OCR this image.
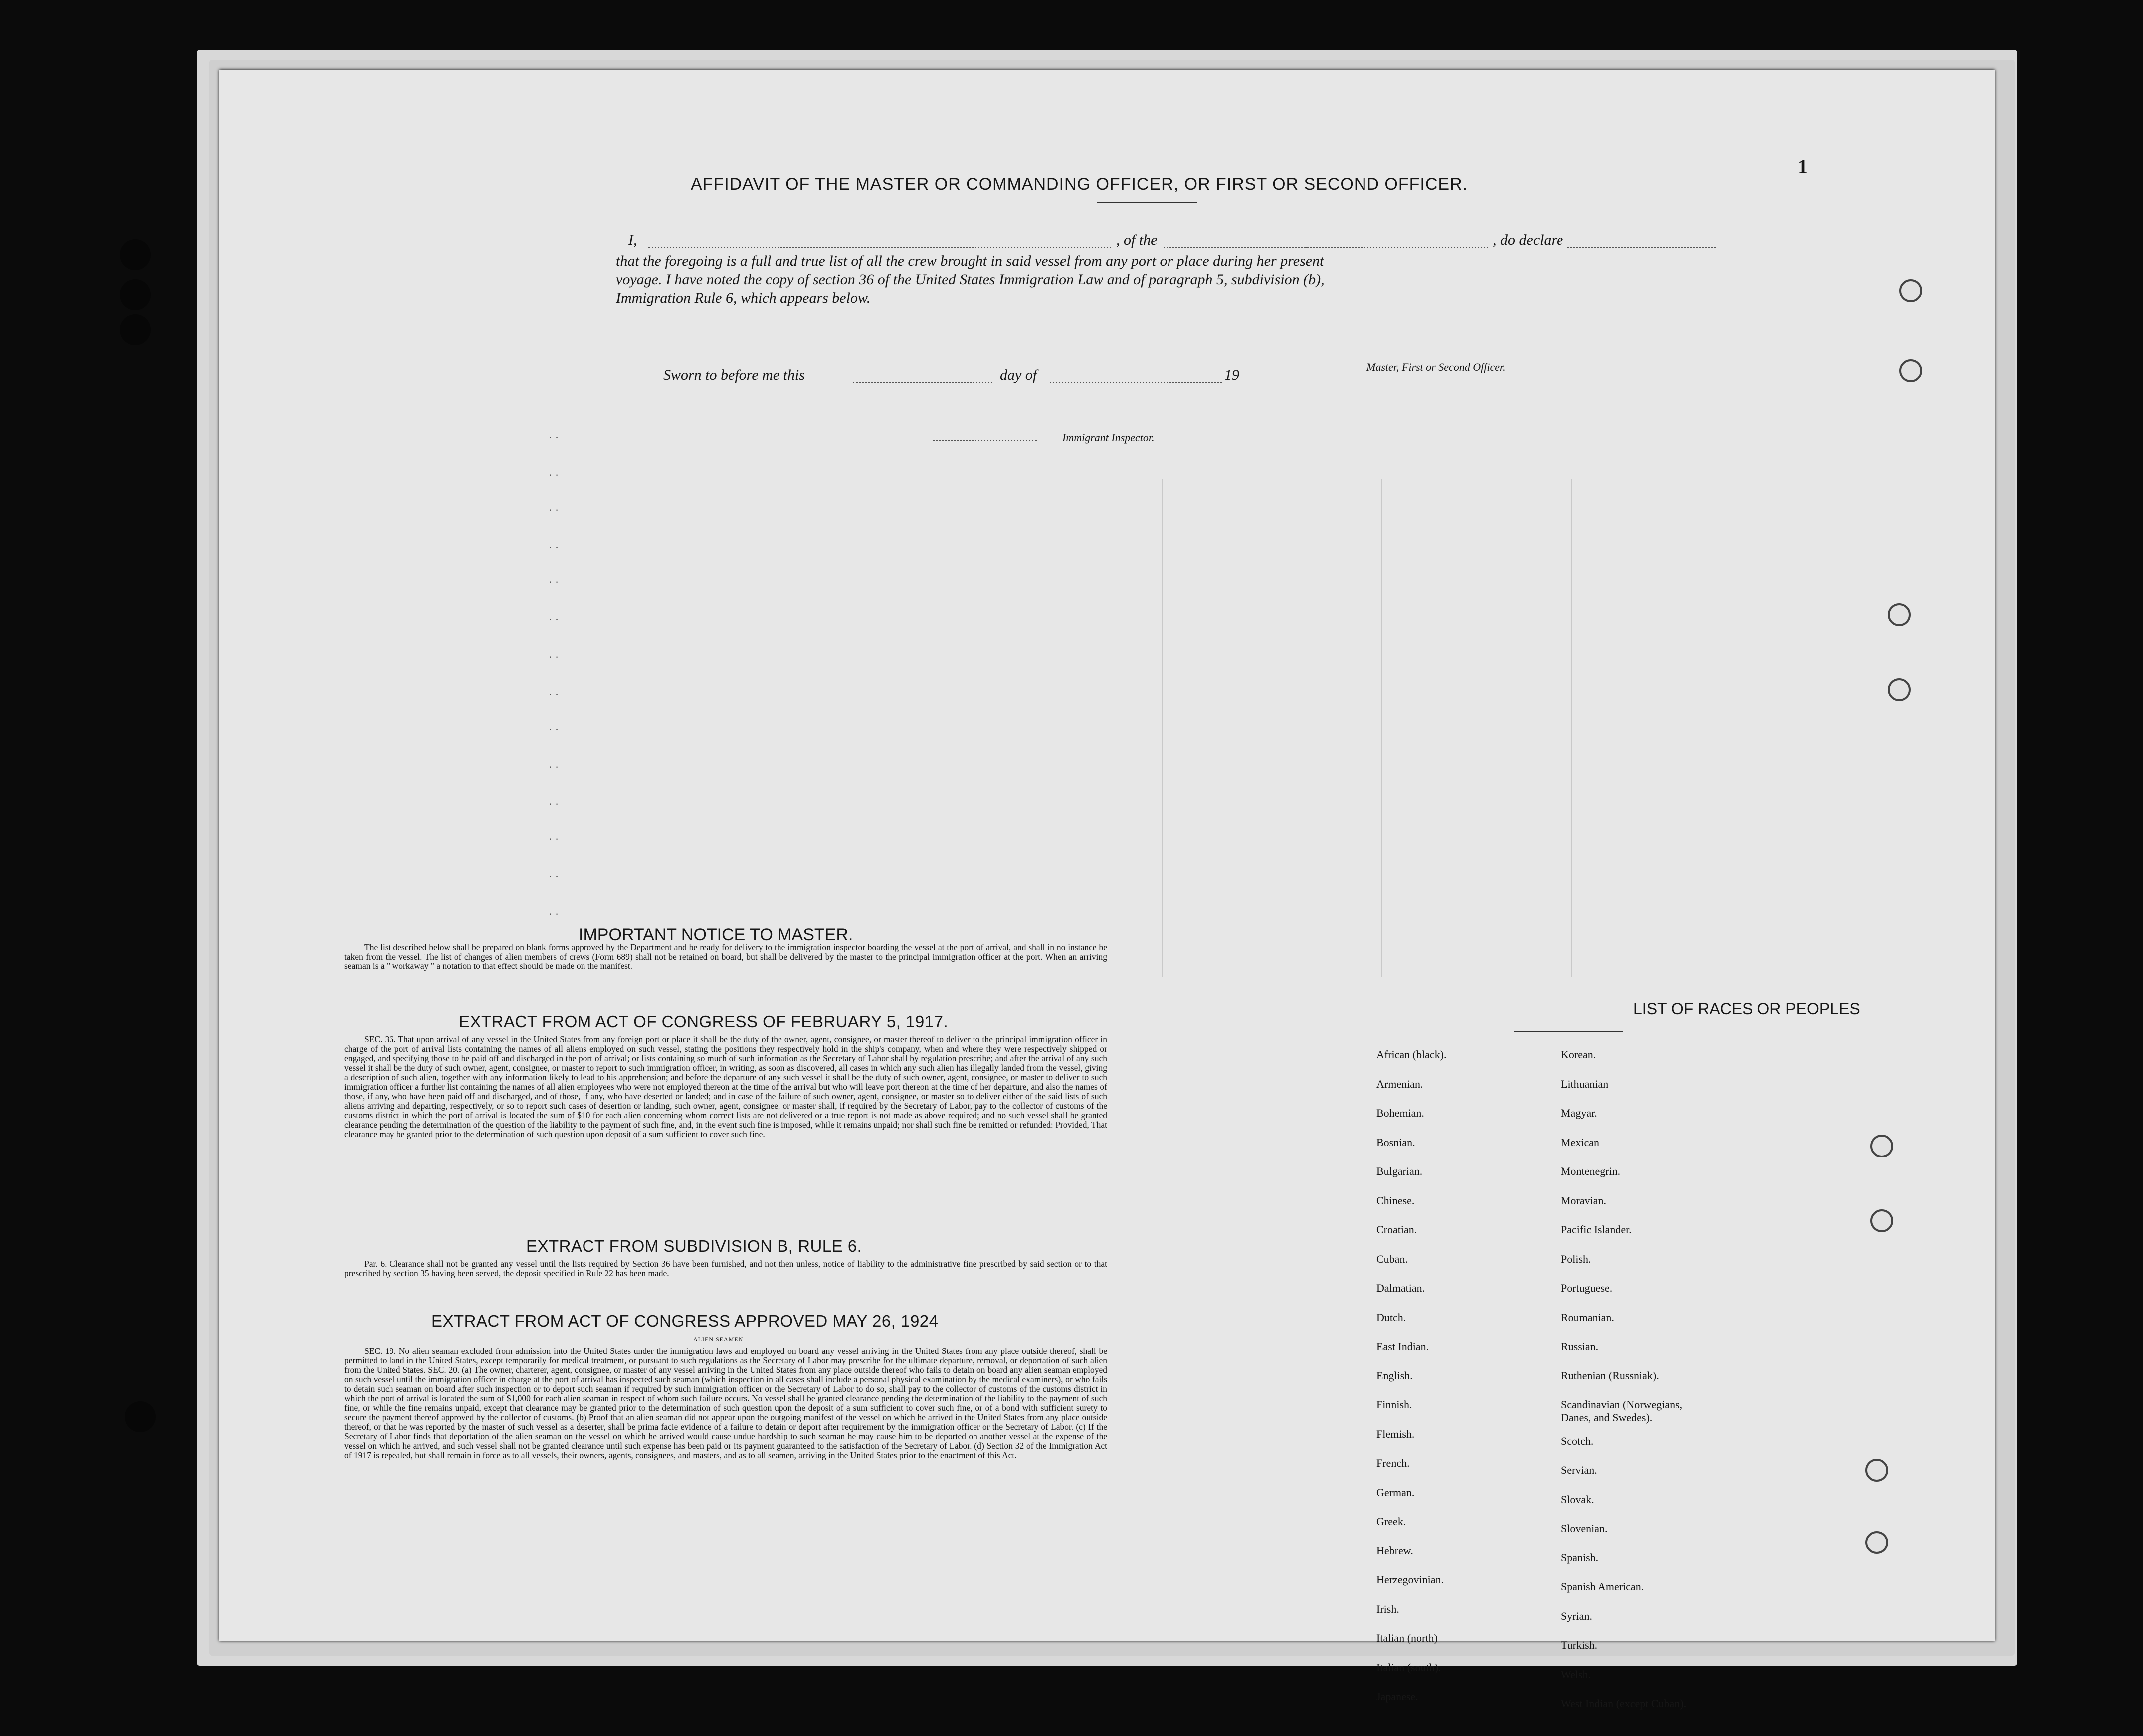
· ·
· ·
· ·
· ·
· ·
· ·
· ·
· ·
· ·
· ·
· ·
· ·
· ·
· ·
1
AFFIDAVIT OF THE MASTER OR COMMANDING OFFICER, OR FIRST OR SECOND OFFICER.
I,	, of the	, do declare
that the foregoing is a full and true list of all the crew brought in said vessel from any port or place during her present
voyage. I have noted the copy of section 36 of the United States Immigration Law and of paragraph 5, subdivision (b),
Immigration Rule 6, which appears below.
Master, First or Second Officer.
Sworn to before me this	day of	19
Immigrant Inspector.
IMPORTANT NOTICE TO MASTER.
The list described below shall be prepared on blank forms approved by the Department and be ready for delivery to the immigration inspector boarding the vessel at the port of arrival, and shall in no instance be taken from the vessel. The list of changes of alien members of crews (Form 689) shall not be retained on board, but shall be delivered by the master to the principal immigration officer at the port. When an arriving seaman is a " workaway " a notation to that effect should be made on the manifest.
EXTRACT FROM ACT OF CONGRESS OF FEBRUARY 5, 1917.
SEC. 36. That upon arrival of any vessel in the United States from any foreign port or place it shall be the duty of the owner, agent, consignee, or master thereof to deliver to the principal immigration officer in charge of the port of arrival lists containing the names of all aliens employed on such vessel, stating the positions they respectively hold in the ship's company, when and where they were respectively shipped or engaged, and specifying those to be paid off and discharged in the port of arrival; or lists containing so much of such information as the Secretary of Labor shall by regulation prescribe; and after the arrival of any such vessel it shall be the duty of such owner, agent, consignee, or master to report to such immigration officer, in writing, as soon as discovered, all cases in which any such alien has illegally landed from the vessel, giving a description of such alien, together with any information likely to lead to his apprehension; and before the departure of any such vessel it shall be the duty of such owner, agent, consignee, or master to deliver to such immigration officer a further list containing the names of all alien employees who were not employed thereon at the time of the arrival but who will leave port thereon at the time of her departure, and also the names of those, if any, who have been paid off and discharged, and of those, if any, who have deserted or landed; and in case of the failure of such owner, agent, consignee, or master so to deliver either of the said lists of such aliens arriving and departing, respectively, or so to report such cases of desertion or landing, such owner, agent, consignee, or master shall, if required by the Secretary of Labor, pay to the collector of customs of the customs district in which the port of arrival is located the sum of $10 for each alien concerning whom correct lists are not delivered or a true report is not made as above required; and no such vessel shall be granted clearance pending the determination of the question of the liability to the payment of such fine, and, in the event such fine is imposed, while it remains unpaid; nor shall such fine be remitted or refunded: Provided, That clearance may be granted prior to the determination of such question upon deposit of a sum sufficient to cover such fine.
EXTRACT FROM SUBDIVISION B, RULE 6.
Par. 6. Clearance shall not be granted any vessel until the lists required by Section 36 have been furnished, and not then unless, notice of liability to the administrative fine prescribed by said section or to that prescribed by section 35 having been served, the deposit specified in Rule 22 has been made.
EXTRACT FROM ACT OF CONGRESS APPROVED MAY 26, 1924
ALIEN SEAMEN
SEC. 19. No alien seaman excluded from admission into the United States under the immigration laws and employed on board any vessel arriving in the United States from any place outside thereof, shall be permitted to land in the United States, except temporarily for medical treatment, or pursuant to such regulations as the Secretary of Labor may prescribe for the ultimate departure, removal, or deportation of such alien from the United States. SEC. 20. (a) The owner, charterer, agent, consignee, or master of any vessel arriving in the United States from any place outside thereof who fails to detain on board any alien seaman employed on such vessel until the immigration officer in charge at the port of arrival has inspected such seaman (which inspection in all cases shall include a personal physical examination by the medical examiners), or who fails to detain such seaman on board after such inspection or to deport such seaman if required by such immigration officer or the Secretary of Labor to do so, shall pay to the collector of customs of the customs district in which the port of arrival is located the sum of $1,000 for each alien seaman in respect of whom such failure occurs. No vessel shall be granted clearance pending the determination of the liability to the payment of such fine, or while the fine remains unpaid, except that clearance may be granted prior to the determination of such question upon the deposit of a sum sufficient to cover such fine, or of a bond with sufficient surety to secure the payment thereof approved by the collector of customs. (b) Proof that an alien seaman did not appear upon the outgoing manifest of the vessel on which he arrived in the United States from any place outside thereof, or that he was reported by the master of such vessel as a deserter, shall be prima facie evidence of a failure to detain or deport after requirement by the immigration officer or the Secretary of Labor. (c) If the Secretary of Labor finds that deportation of the alien seaman on the vessel on which he arrived would cause undue hardship to such seaman he may cause him to be deported on another vessel at the expense of the vessel on which he arrived, and such vessel shall not be granted clearance until such expense has been paid or its payment guaranteed to the satisfaction of the Secretary of Labor. (d) Section 32 of the Immigration Act of 1917 is repealed, but shall remain in force as to all vessels, their owners, agents, consignees, and masters, and as to all seamen, arriving in the United States prior to the enactment of this Act.
LIST OF RACES OR PEOPLES
African (black).
Armenian.
Bohemian.
Bosnian.
Bulgarian.
Chinese.
Croatian.
Cuban.
Dalmatian.
Dutch.
East Indian.
English.
Finnish.
Flemish.
French.
German.
Greek.
Hebrew.
Herzegovinian.
Irish.
Italian (north)
Italian (south).
Japanese.
Korean.
Lithuanian
Magyar.
Mexican
Montenegrin.
Moravian.
Pacific Islander.
Polish.
Portuguese.
Roumanian.
Russian.
Ruthenian (Russniak).
Scandinavian (Norwegians,
Danes, and Swedes).
Scotch.
Servian.
Slovak.
Slovenian.
Spanish.
Spanish American.
Syrian.
Turkish.
Welsh.
West Indian (except Cuban).
